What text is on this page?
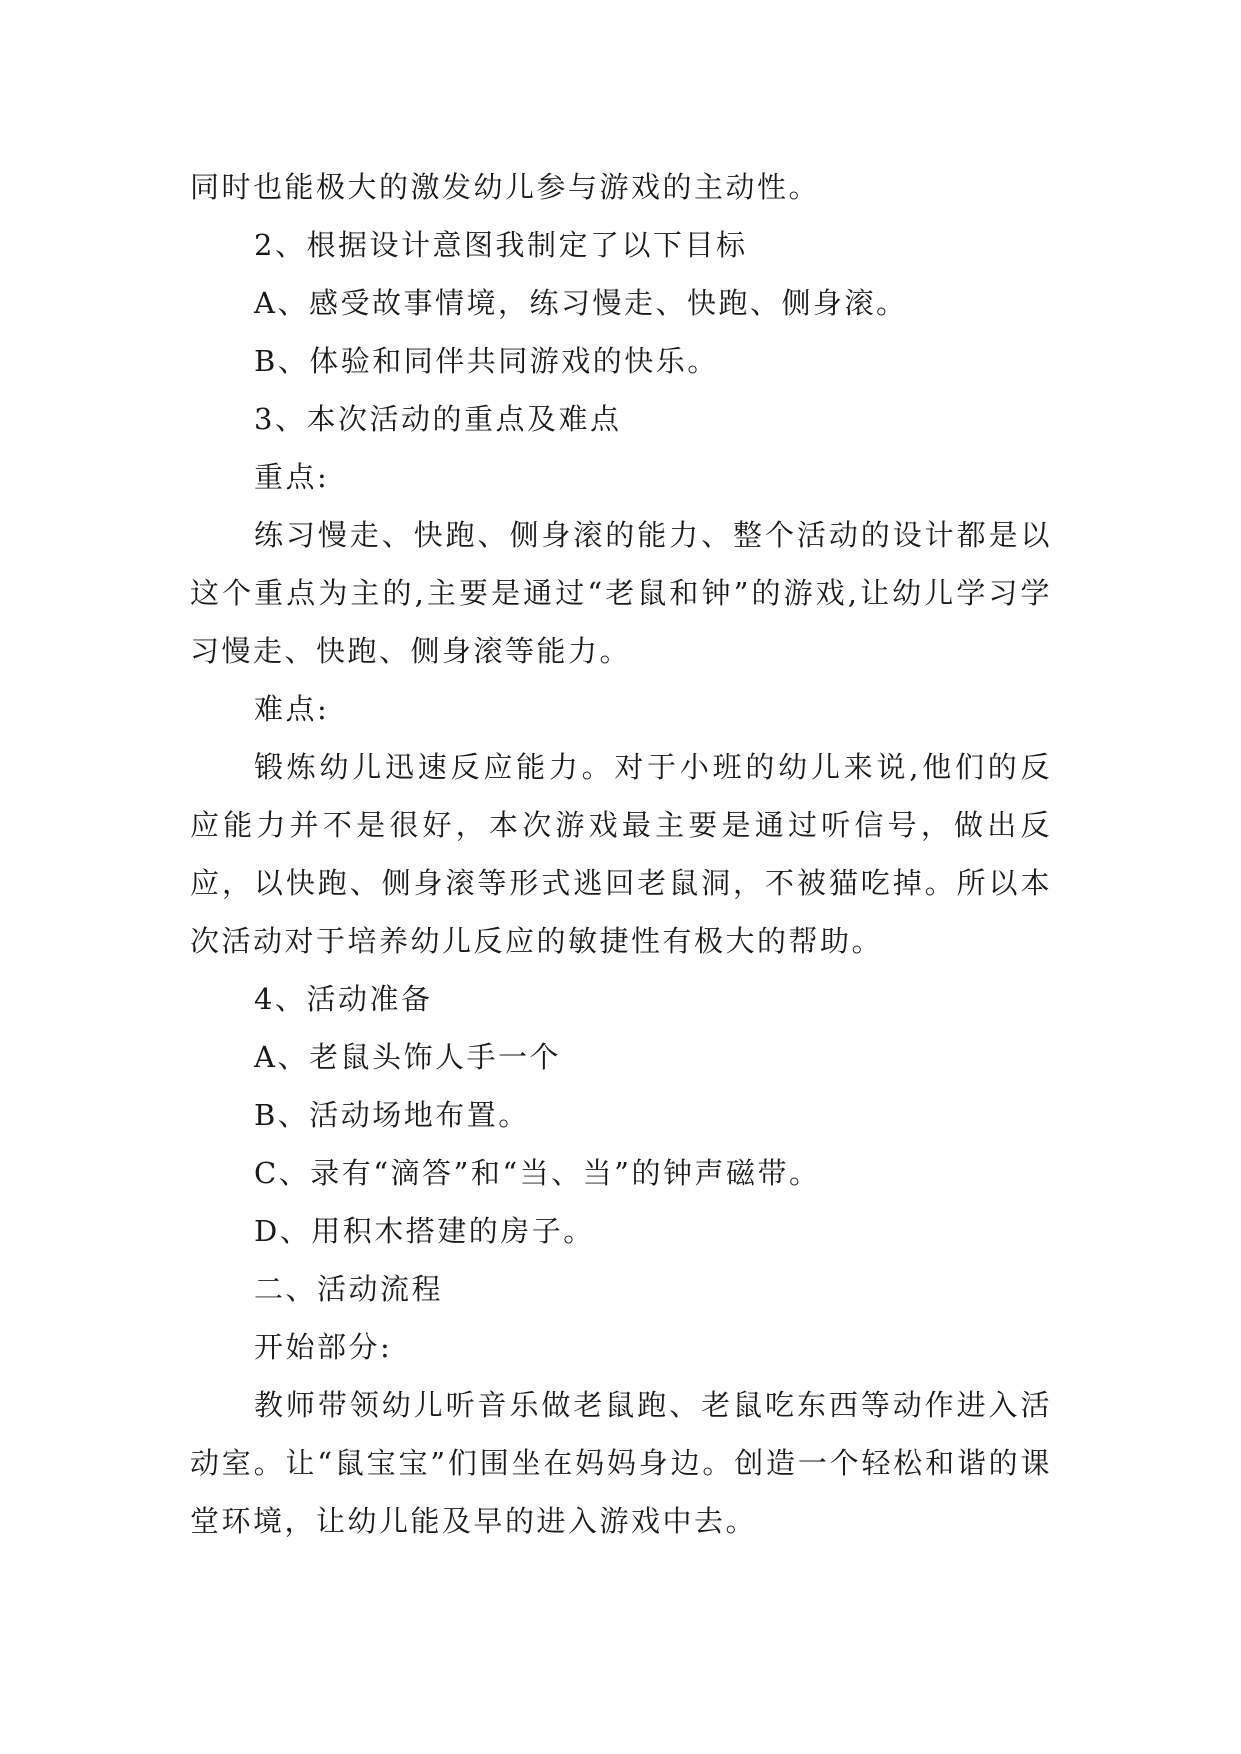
同时也能极大的激发幼儿参与游戏的主动性。

2、根据设计意图我制定了以下目标

A、感受故事情境，练习慢走、快跑、侧身滚。

B、体验和同伴共同游戏的快乐。

3、本次活动的重点及难点

重点:

练习慢走、快跑、侧身滚的能力、整个活动的设计都是以这个重点为主的,主要是通过“老鼠和钟”的游戏,让幼儿学习学习慢走、快跑、侧身滚等能力。

难点:

锻炼幼儿迅速反应能力。对于小班的幼儿来说,他们的反应能力并不是很好，本次游戏最主要是通过听信号，做出反应，以快跑、侧身滚等形式逃回老鼠洞，不被猫吃掉。所以本次活动对于培养幼儿反应的敏捷性有极大的帮助。

4、活动准备

A、老鼠头饰人手一个

B、活动场地布置。

C、录有“滴答”和“当、当”的钟声磁带。

D、用积木搭建的房子。

二、活动流程

开始部分:

教师带领幼儿听音乐做老鼠跑、老鼠吃东西等动作进入活动室。让“鼠宝宝”们围坐在妈妈身边。创造一个轻松和谐的课堂环境，让幼儿能及早的进入游戏中去。
